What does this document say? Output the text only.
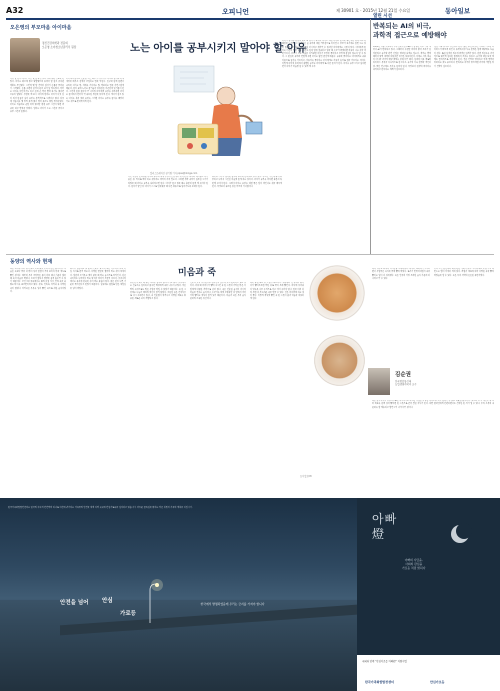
A32	오피니언	제 30901 호 · 2015년 12월 21일 수요일	동아일보
오은영의 부모마음 아이마음
정신건강의학과 전문의
오은영 소아청소년클리닉 원장	노는 아이를 공부시키지 말아야 할 이유
일러스트레이션 권기령 기자 ppoe@donga.com
다섯 살 남자 아이가 지난 몇 달 동안 여러 차례 병원 진료를 받았다. 아이는 평소에 밝고 활발했으며 동생과 잘 놀고 유치원 생활도 무난했다. 그런데 몇 달 전부터 갑자기 손톱을 물어뜯기 시작했다. 손톱 주변의 살까지 뜯어 피가 날 정도였다. 부모는 아이를 야단치기도 하고 손에 쓴 약을 발라 보기도 했지만 소용이 없었다. 상담을 해 보니 아이의 엄마는 아이가 다섯 살이 되자 한글과 숫자 공부를 본격적으로 시켰다고 했다. 하루에 학습지를 몇 장씩 풀게 했고 영어 동요도 매일 들려주었다. 아이는 처음에는 곧잘 따라 했지만 점점 공부 시간이 되면 짜증을 내고 딴청을 부렸다. 엄마는 아이가 노는 시간을 줄이고 공부 시간을 늘렸다.
아이에게 놀이는 단순한 시간 때우기가 아니다. 아이는 놀이를 통해 세상을 배우고 감정을 조절하는 법을 익힌다. 친구와 함께 놀면서 규칙을 지키는 법, 차례를 기다리는 법, 양보하는 법을 자연스럽게 배운다. 놀이 중에 느끼는 즐거움과 성취감은 자존감의 밑거름이 된다. 그런데 한창 놀아야 할 나이의 아이에게 공부를 강요하면 아이는 놀이에서 얻어야 할 중요한 경험을 놓치게 된다. 게다가 놀고 있는 아이를 불러 세워 공부를 시키면 아이는 공부를 놀이를 빼앗아 가는 것으로 받아들이게 된다.
이런 경험이 반복되면 아이는 공부에 대해 부정적인 감정을 갖게 된다. 공부는 재미없고 하기 싫은 것, 억지로 해야 하는 것이라는 생각이 자리 잡는다. 그러면 정작 공부가 필요한 시기가 되었을 때 아이는 공부를 피하려고만 한다. 아이가 놀고 있을 때는 충분히 놀게 해 주어야 한다. 놀이가 끝난 뒤 아이가 스스로 만족했을 때 다른 활동으로 넘어가도록 도와야 한다.
공부를 시키고 싶다면 놀이와 공부를 분리하는 것이 좋다. 정해진 시간에 짧게 공부하고 나머지 시간은 마음껏 놀게 하는 것이다. 아이가 공부를 마치면 충분히 칭찬해 주어야 한다. 그래야 아이는 공부를 하면 좋은 일이 생긴다는 것을 배우게 된다. 무엇보다 중요한 것은 부모의 기다림이다.
아이가 놀이에 몰입해 있을 때 갑자기 공부를 하자고 하면 아이는 놀이를 중단당한 것에 대해 불쾌감을 느낀다. 그 불쾌감은 곧 공부에 대한 거부감으로 이어진다. 부모가 보기에는 잠깐 노는 것을 멈추고 공부하는 것이 별일 아니라고 생각할 수 있지만 아이에게는 그렇지 않다. 아이에게 놀이는 어른의 일과 같다. 어른도 한창 일에 집중하고 있을 때 누군가 방해하면 짜증이 나는 것과 마찬가지다. 아이가 노는 모습을 지켜보면 아이가 무엇을 좋아하고 무엇에 관심이 있는지 알 수 있다. 그 관심을 공부와 연결해 주면 아이는 훨씬 즐겁게 배운다. 공룡을 좋아하는 아이에게는 공룡 이름으로 글자를 가르치고, 자동차를 좋아하는 아이에게는 자동차 숫자로 셈을 가르치는 식이다. 이렇게 아이의 흥미에서 출발한 공부는 아이에게 또 다른 놀이가 된다. 아이를 공부시키고 싶다면 먼저 아이가 마음껏 놀 수 있게 해 주자.
열린 시선
반복되는 AI의 비극,
과학적 접근으로 예방해야
2003년 처음 국내에서 조류인플루엔자(AI)가 발생한 이후 거의 해마다 AI가 반복되고 있다. 그때마다 수천만 마리의 닭과 오리가 살처분되고 농가와 관련 산업은 막대한 피해를 입는다. 정부는 발생 때마다 방역 대책을 내놓지만 비극은 되풀이된다. 이제는 사후 대응이 아니라 과학적 예방 체계를 갖춰야 할 때다. 철새의 이동 경로와 바이러스 유형을 지속적으로 감시하고, 농가의 사육 환경을 개선하며, 백신 연구에도 투자를 늘려야 한다. 무엇보다 현장의 데이터를 축적하고 분석하는 체계가 필요하다.
밀집 사육 방식도 개선해야 한다. 좁은 공간에 많은 가축을 기르면 바이러스가 빠르게 퍼진다. 동물복지형 사육 환경은 질병 예방에도 도움이 된다. 또한 살처분 위주의 방역은 한계가 있다. 감염 위험도를 과학적으로 평가해 필요한 범위에서 조치를 취하고, 농가에 대한 보상 체계도 합리적으로 정비해야 한다. 전문 인력을 양성하고 국제 협력을 강화하는 것도 중요하다. 반복되는 비극을 끊으려면 과학에 기반한 장기 전략이 필요하다.
동양의 역사와 현재
미음과 죽
죽은 곡식에 물을 많이 붓고 오래 끓여 무르게 만든 음식이다. 미음은 죽보다 물을 더 많이 넣어 쌀알이 거의 보이지 않을 정도로 끓인 것이다. 예부터 우리 조상들은 몸이 아플 때나 기운이 없을 때 죽과 미음을 먹었다. 소화가 잘되고 영양을 쉽게 흡수할 수 있기 때문이다. 조선시대 궁중에서는 왕의 아침 식사 전에 죽을 올렸는데 이를 초조반이라고 했다. 잣죽, 전복죽, 타락죽 등 다양한 죽이 있었다. 타락죽은 우유를 넣어 끓인 죽으로 귀한 음식이었다.
중국과 일본에도 죽 문화가 있다. 중국의 죽은 저우라고 하며 아침 식사로 즐겨 먹는다. 다양한 반찬을 곁들여 먹는 것이 특징이다. 일본의 오카유는 병이 났을 때 먹는 음식으로 여겨진다. 같은 죽이라도 나라마다 먹는 방식과 의미가 조금씩 다르다. 우리나라에서는 동지에 팥죽을 쑤어 먹는 풍습이 있다. 붉은 팥이 나쁜 기운을 물리친다고 믿었기 때문이다. 팥죽에는 찹쌀로 만든 새알심을 넣어 먹었다.
흉년이 들었을 때 죽은 백성을 살리는 음식이기도 했다. 나라에서는 진휼소를 설치하고 굶주린 백성에게 죽을 나누어 주었다. 적은 양의 곡식으로도 많은 사람을 먹일 수 있었기 때문이다. 죽 한 그릇에는 나눔과 배려의 정신이 담겨 있었다. 오늘날 죽은 건강식으로 다시 주목받고 있다. 죽 전문점이 생겨나고 다양한 재료를 활용한 새로운 죽이 개발되고 있다.
전통의 맛을 지키면서도 현대인의 입맛에 맞게 변화하고 있는 것이다. 아플 때 어머니가 끓여 주시던 죽 한 그릇의 기억은 많은 사람에게 따뜻한 추억으로 남아 있다. 죽은 단순한 음식이 아니라 마음을 전하는 음식이다. 누군가를 위해 오랫동안 불 앞에서 저어 가며 끓이는 정성이 담겨 있기 때문이다. 미음과 죽은 우리 음식 문화의 소중한 유산이다.
죽을 끓일 때는 불 조절이 중요하다. 처음에는 센 불에서 끓이다가 끓어오르면 약한 불로 줄여 오래 끓인다. 바닥에 눌어붙지 않도록 나무 주걱으로 자주 저어 주어야 한다. 쌀을 미리 불려 두면 더 부드러운 죽을 만들 수 있다. 간은 마지막에 하는 것이 좋다. 이렇게 정성껏 끓인 죽 한 그릇이 몸과 마음을 따뜻하게 한다.
죽의 역사는 농경의 역사만큼 오래되었다. 곡식을 재배하기 시작하면서 사람들은 곡식을 물에 끓여 먹었다. 토기가 만들어지면서 죽을 끓이는 일이 더 쉬워졌다. 죽은 인류의 가장 오래된 음식 가운데 하나라고 할 수 있다.
우리 고전 문헌에도 죽에 관한 기록이 많다. 조리서에는 수십 가지 죽 만드는 법이 자세히 적혀 있다. 계절과 재료에 따라 다양한 죽을 끓여 먹었음을 알 수 있다. 죽은 우리 식탁의 든든한 동반자였다.
김순권
한국방송통신대
농업생명과학과 교수
죽은 환자식이나 이유식으로만 여겨지기도 하지만 사실은 다양한 영양소를 고루 섭취할 수 있는 훌륭한 음식이다. 채소와 고기, 해산물 등 여러 재료를 함께 넣어 끓이면 한 그릇으로 균형 잡힌 식사가 된다. 바쁜 현대인에게 간편하면서도 건강한 한 끼가 될 수 있다. 우리 고유의 죽 문화를 잘 계승하고 발전시켜 나가야 할 것이다.
동아일보DB
한국가족화합발전센터는 한국의 사회적 안전망의 하나로 야간에 귀가하는 가족들의 안전을 위해 지역 곳곳에 안심가로등을 설치하고 있습니다. 어두운 골목길을 밝히는 작은 불빛이 가족의 행복을 지킵니다.
안전을 넘어 안심
가로등
한국에서 발명되었음에 우리는 긍지를 가져야 합니다
아빠
燈
아빠의 사랑을,
사회의 관심을
가로등 처럼 밝히다
국회와 함께 “안심가로등 아빠燈” 지원사업
한국가족화합발전센터	안심가로등
